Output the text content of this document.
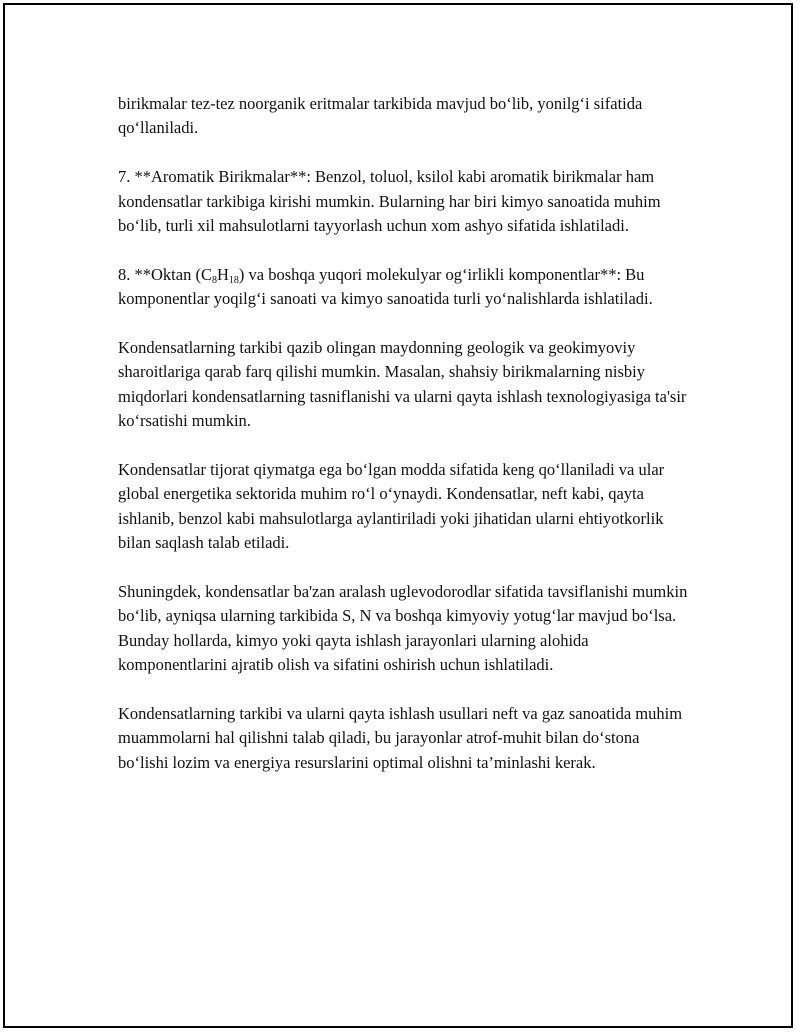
birikmalar tez-tez noorganik eritmalar tarkibida mavjud bo‘lib, yonilg‘i sifatida qo‘llaniladi.

7. **Aromatik Birikmalar**: Benzol, toluol, ksilol kabi aromatik birikmalar ham kondensatlar tarkibiga kirishi mumkin. Bularning har biri kimyo sanoatida muhim bo‘lib, turli xil mahsulotlarni tayyorlash uchun xom ashyo sifatida ishlatiladi.

8. **Oktan $(C_8H_{18})$ va boshqa yuqori molekulyar og‘irlikli komponentlar**: Bu komponentlar yoqilg‘i sanoati va kimyo sanoatida turli yo‘nalishlarda ishlatiladi.

Kondensatlarning tarkibi qazib olingan maydonning geologik va geokimyoviy sharoitlariga qarab farq qilishi mumkin. Masalan, shahsiy birikmalarning nisbiy miqdorlari kondensatlarning tasniflanishi va ularni qayta ishlash texnologiyasiga ta'sir ko‘rsatishi mumkin.

Kondensatlar tijorat qiymatga ega bo‘lgan modda sifatida keng qo‘llaniladi va ular global energetika sektorida muhim ro‘l o‘ynaydi. Kondensatlar, neft kabi, qayta ishlanib, benzol kabi mahsulotlarga aylantiriladi yoki jihatidan ularni ehtiyotkorlik bilan saqlash talab etiladi.

Shuningdek, kondensatlar ba'zan aralash uglevodorodlar sifatida tavsiflanishi mumkin bo‘lib, ayniqsa ularning tarkibida S, N va boshqa kimyoviy yotug‘lar mavjud bo‘lsa. Bunday hollarda, kimyo yoki qayta ishlash jarayonlari ularning alohida komponentlarini ajratib olish va sifatini oshirish uchun ishlatiladi.

Kondensatlarning tarkibi va ularni qayta ishlash usullari neft va gaz sanoatida muhim muammolarni hal qilishni talab qiladi, bu jarayonlar atrof-muhit bilan do‘stona bo‘lishi lozim va energiya resurslarini optimal olishni ta’minlashi kerak.
